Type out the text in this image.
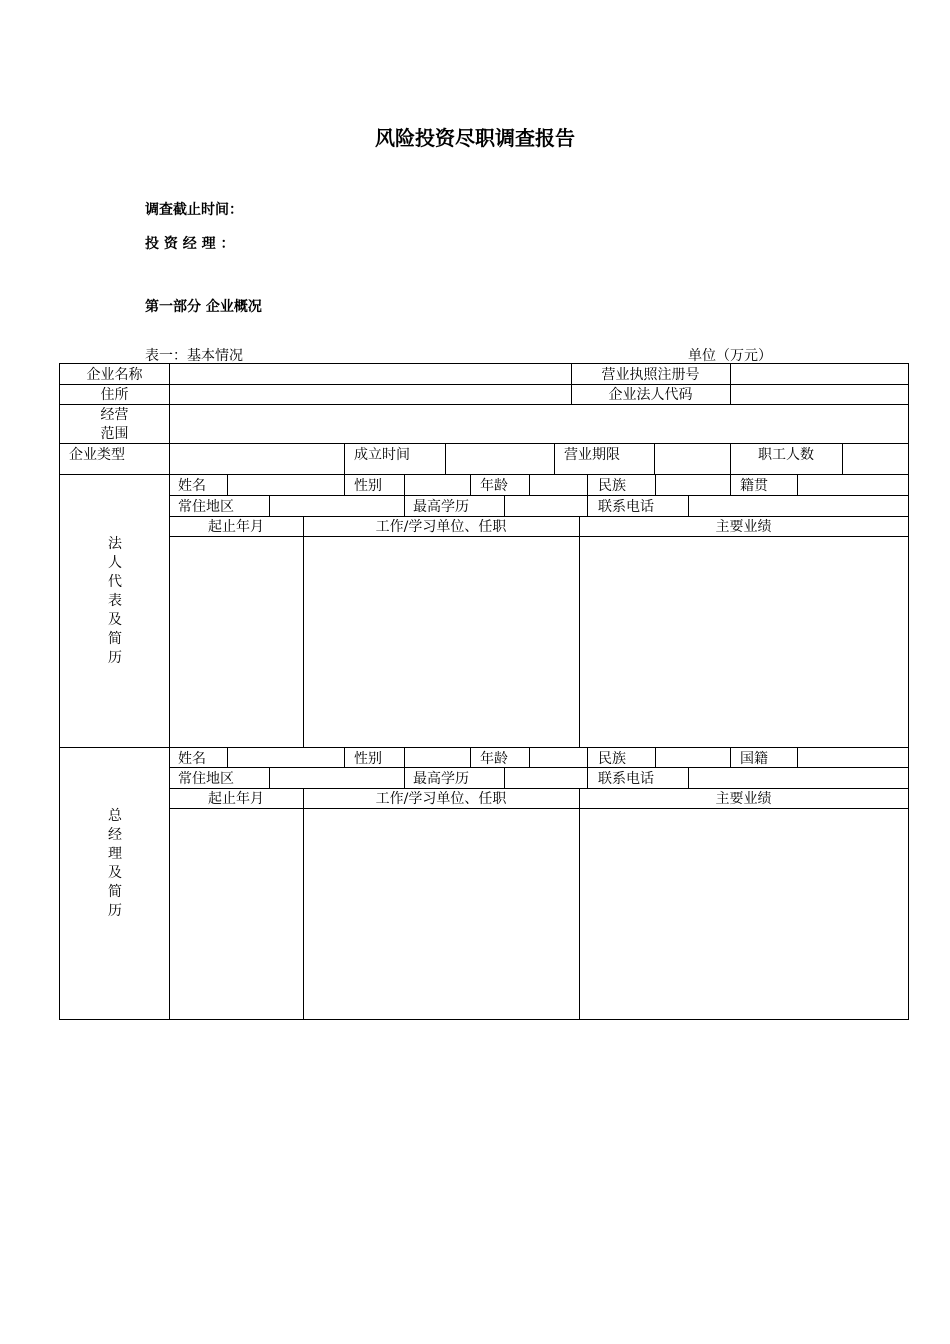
风险投资尽职调查报告
调查截止时间：
投 资 经 理 ：
第一部分 企业概况
表一：基本情况	单位（万元）
企业名称	营业执照注册号
住所	企业法人代码
经营
范围
企业类型	成立时间	营业期限	职工人数
法人代表及简历
姓名	性别	年龄	民族	籍贯
常住地区	最高学历	联系电话
起止年月	工作/学习单位、任职	主要业绩
总经理及简历
姓名	性别	年龄	民族	国籍
常住地区	最高学历	联系电话
起止年月	工作/学习单位、任职	主要业绩
